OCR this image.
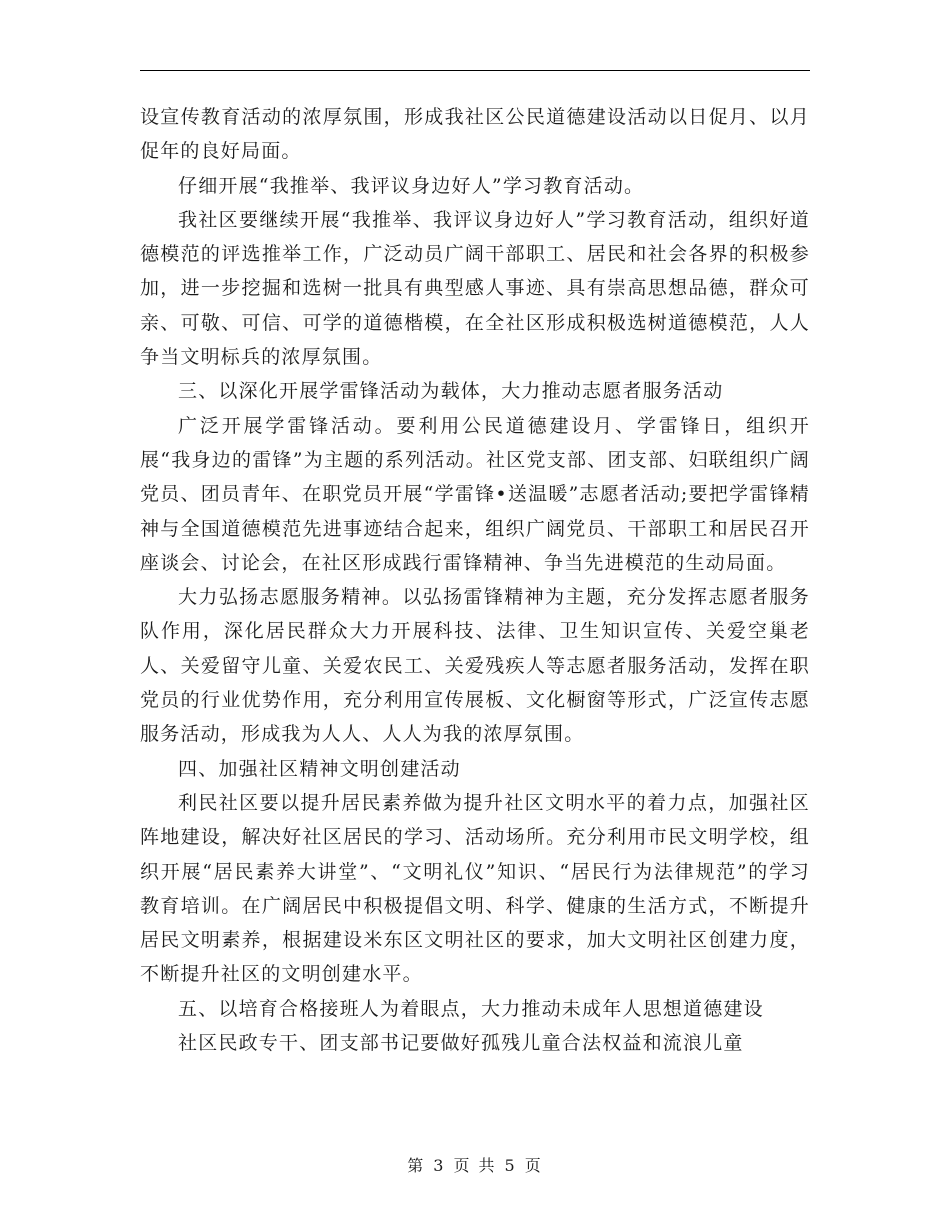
设宣传教育活动的浓厚氛围，形成我社区公民道德建设活动以日促月、以月促年的良好局面。

仔细开展“我推举、我评议身边好人”学习教育活动。

我社区要继续开展“我推举、我评议身边好人”学习教育活动，组织好道德模范的评选推举工作，广泛动员广阔干部职工、居民和社会各界的积极参加，进一步挖掘和选树一批具有典型感人事迹、具有崇高思想品德，群众可亲、可敬、可信、可学的道德楷模，在全社区形成积极选树道德模范，人人争当文明标兵的浓厚氛围。

三、以深化开展学雷锋活动为载体，大力推动志愿者服务活动

广泛开展学雷锋活动。要利用公民道德建设月、学雷锋日，组织开展“我身边的雷锋”为主题的系列活动。社区党支部、团支部、妇联组织广阔党员、团员青年、在职党员开展“学雷锋•送温暖”志愿者活动;要把学雷锋精神与全国道德模范先进事迹结合起来，组织广阔党员、干部职工和居民召开座谈会、讨论会，在社区形成践行雷锋精神、争当先进模范的生动局面。

大力弘扬志愿服务精神。以弘扬雷锋精神为主题，充分发挥志愿者服务队作用，深化居民群众大力开展科技、法律、卫生知识宣传、关爱空巢老人、关爱留守儿童、关爱农民工、关爱残疾人等志愿者服务活动，发挥在职党员的行业优势作用，充分利用宣传展板、文化橱窗等形式，广泛宣传志愿服务活动，形成我为人人、人人为我的浓厚氛围。

四、加强社区精神文明创建活动

利民社区要以提升居民素养做为提升社区文明水平的着力点，加强社区阵地建设，解决好社区居民的学习、活动场所。充分利用市民文明学校，组织开展“居民素养大讲堂”、“文明礼仪”知识、“居民行为法律规范”的学习教育培训。在广阔居民中积极提倡文明、科学、健康的生活方式，不断提升居民文明素养，根据建设米东区文明社区的要求，加大文明社区创建力度，不断提升社区的文明创建水平。

五、以培育合格接班人为着眼点，大力推动未成年人思想道德建设

社区民政专干、团支部书记要做好孤残儿童合法权益和流浪儿童

第 3 页 共 5 页
